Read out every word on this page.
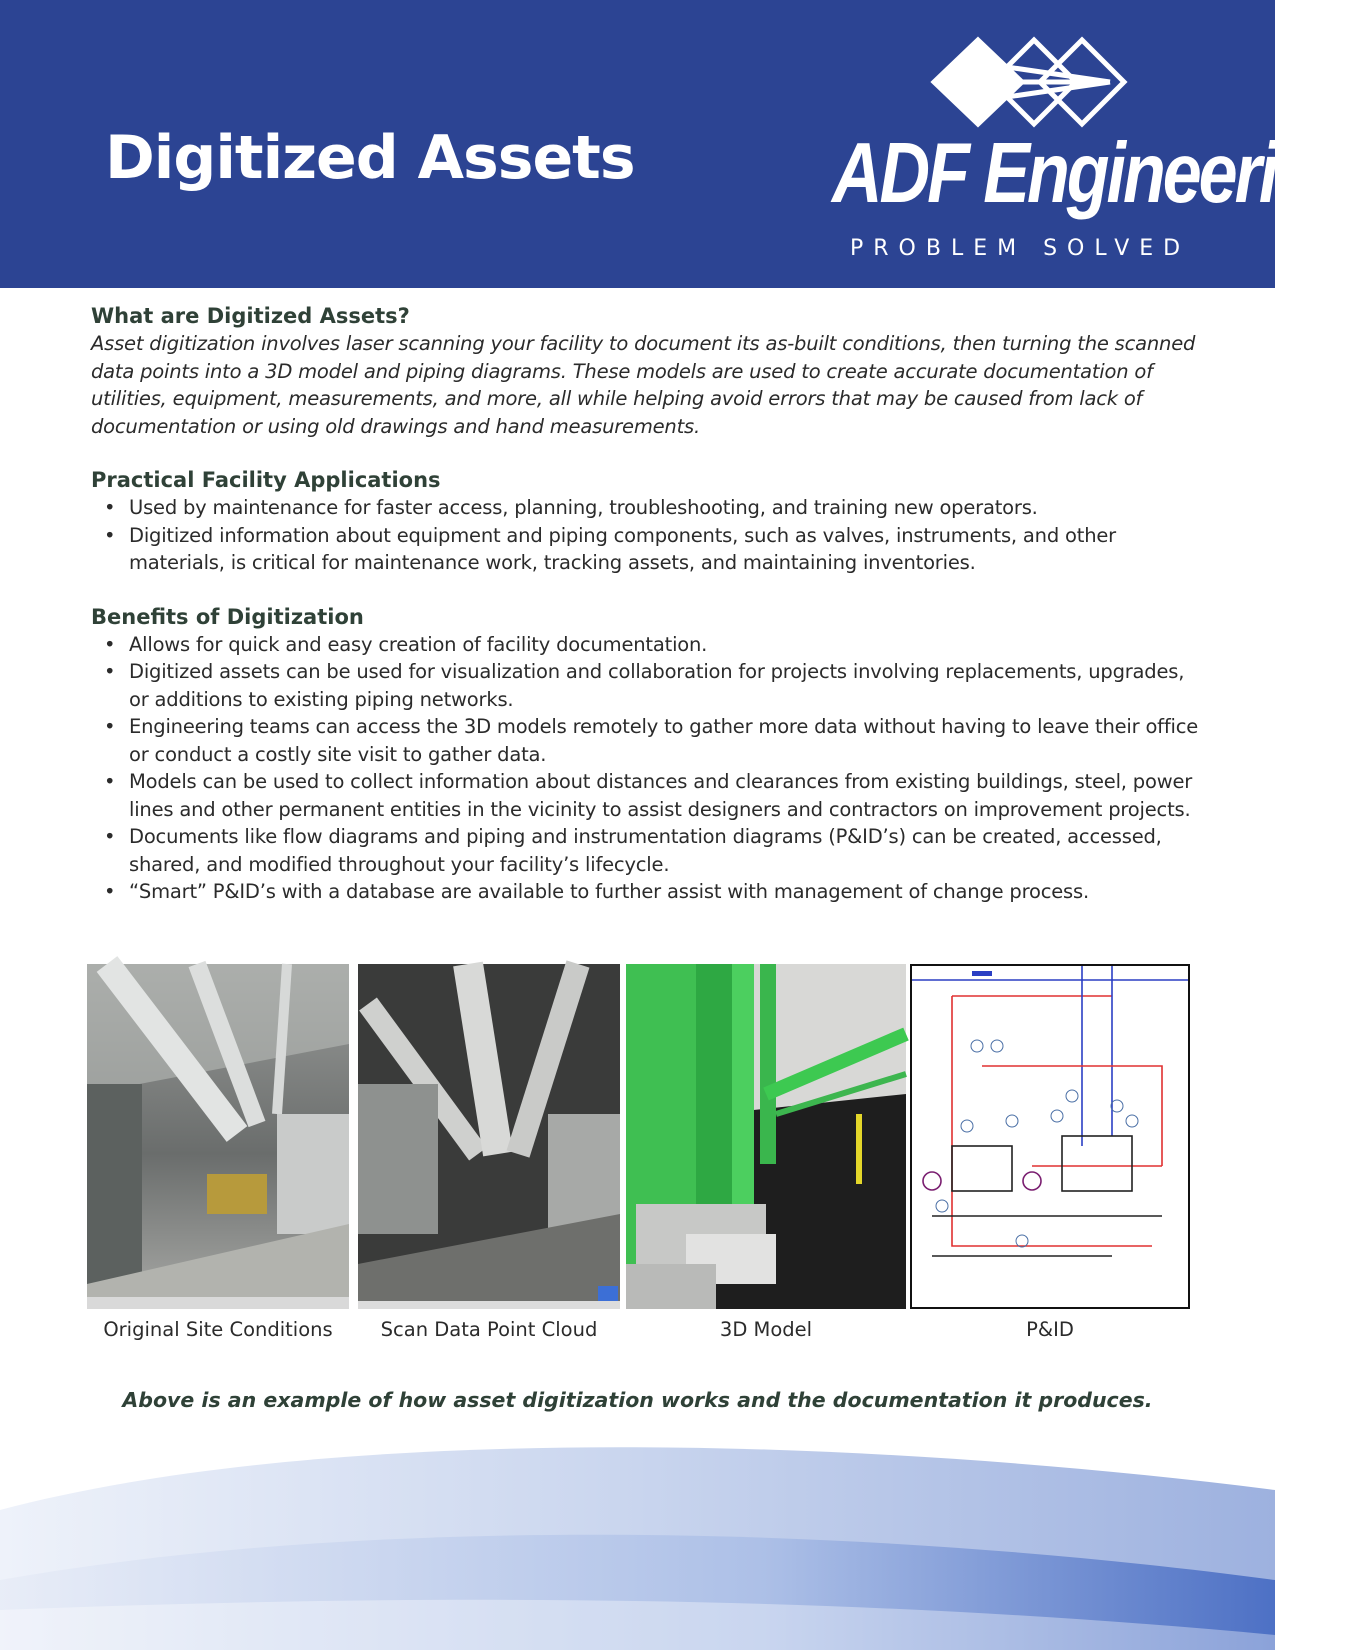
Digitized Assets	ADF Engineering
PROBLEM SOLVED
What are Digitized Assets?

Asset digitization involves laser scanning your facility to document its as-built conditions, then turning the scanned data points into a 3D model and piping diagrams. These models are used to create accurate documentation of utilities, equipment, measurements, and more, all while helping avoid errors that may be caused from lack of documentation or using old drawings and hand measurements.

Practical Facility Applications
• Used by maintenance for faster access, planning, troubleshooting, and training new operators.
• Digitized information about equipment and piping components, such as valves, instruments, and other materials, is critical for maintenance work, tracking assets, and maintaining inventories.
Benefits of Digitization
• Allows for quick and easy creation of facility documentation.
• Digitized assets can be used for visualization and collaboration for projects involving replacements, upgrades, or additions to existing piping networks.
• Engineering teams can access the 3D models remotely to gather more data without having to leave their office or conduct a costly site visit to gather data.
• Models can be used to collect information about distances and clearances from existing buildings, steel, power lines and other permanent entities in the vicinity to assist designers and contractors on improvement projects.
• Documents like flow diagrams and piping and instrumentation diagrams (P&ID’s) can be created, accessed, shared, and modified throughout your facility’s lifecycle.
• “Smart” P&ID’s with a database are available to further assist with management of change process.
Original Site Conditions	Scan Data Point Cloud	3D Model	P&ID
Above is an example of how asset digitization works and the documentation it produces.
